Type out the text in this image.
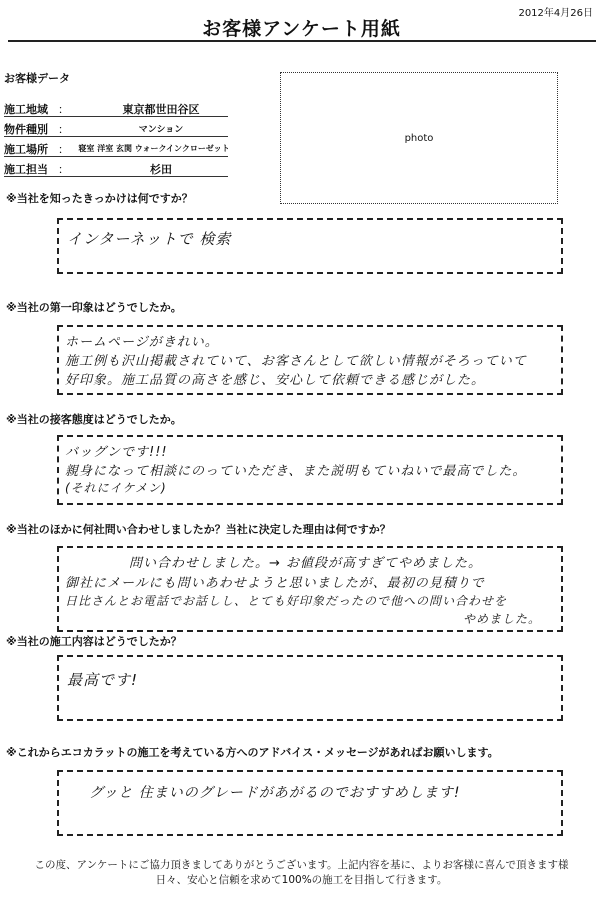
2012年4月26日
お客様アンケート用紙
お客様データ
施工地域 ：	東京都世田谷区
物件種別 ：	マンション
施工場所 ：	寝室 洋室 玄関 ウォークインクローゼット
施工担当 ：	杉田
photo
※当社を知ったきっかけは何ですか？
インターネットで 検索
※当社の第一印象はどうでしたか。
ホームページがきれい。
施工例も沢山掲載されていて、お客さんとして欲しい情報がそろっていて
好印象。施工品質の高さを感じ、安心して依頼できる感じがした。
※当社の接客態度はどうでしたか。
バッグンです!!!
親身になって相談にのっていただき、また説明もていねいで最高でした。
(それにイケメン)
※当社のほかに何社問い合わせしましたか？当社に決定した理由は何ですか？
問い合わせしました。→ お値段が高すぎてやめました。
御社にメールにも問いあわせようと思いましたが、最初の見積りで
日比さんとお電話でお話しし、とても好印象だったので他への問い合わせを
やめました。
※当社の施工内容はどうでしたか？
最高です!
※これからエコカラットの施工を考えている方へのアドバイス・メッセージがあればお願いします。
グッと 住まいのグレードがあがるのでおすすめします!
この度、アンケートにご協力頂きましてありがとうございます。上記内容を基に、よりお客様に喜んで頂きます様
日々、安心と信頼を求めて100%の施工を目指して行きます。
